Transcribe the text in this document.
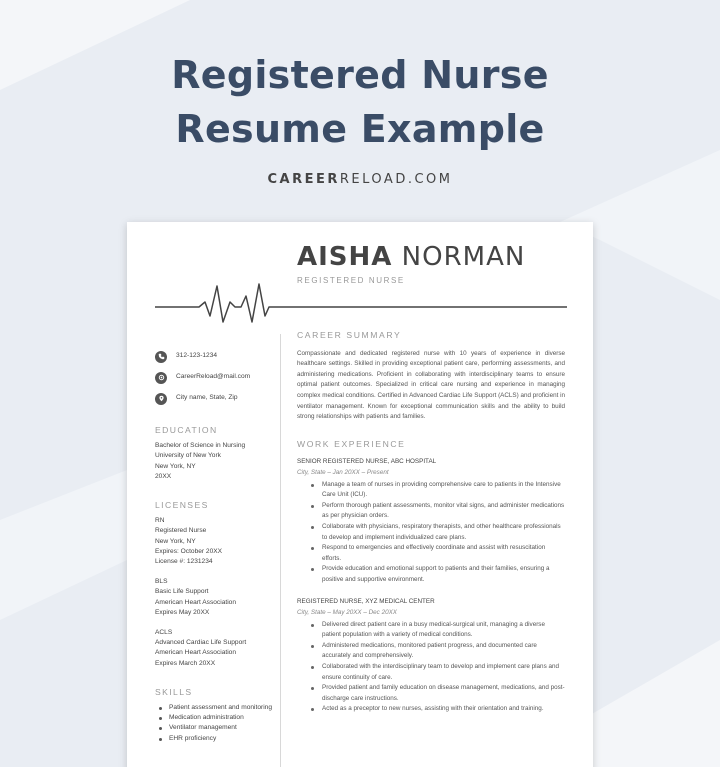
Registered Nurse
Resume Example
CAREERRELOAD.COM
AISHA NORMAN
REGISTERED NURSE
312-123-1234
CareerReload@mail.com
City name, State, Zip
EDUCATION
Bachelor of Science in Nursing
University of New York
New York, NY
20XX
LICENSES
RN
Registered Nurse
New York, NY
Expires: October 20XX
License #: 1231234
BLS
Basic Life Support
American Heart Association
Expires May 20XX
ACLS
Advanced Cardiac Life Support
American Heart Association
Expires March 20XX
SKILLS
Patient assessment and monitoring
Medication administration
Ventilator management
EHR proficiency
CAREER SUMMARY

Compassionate and dedicated registered nurse with 10 years of experience in diverse healthcare settings. Skilled in providing exceptional patient care, performing assessments, and administering medications. Proficient in collaborating with interdisciplinary teams to ensure optimal patient outcomes. Specialized in critical care nursing and experience in managing complex medical conditions. Certified in Advanced Cardiac Life Support (ACLS) and proficient in ventilator management. Known for exceptional communication skills and the ability to build strong relationships with patients and families.

WORK EXPERIENCE
SENIOR REGISTERED NURSE, ABC HOSPITAL
City, State – Jan 20XX – Present
Manage a team of nurses in providing comprehensive care to patients in the Intensive Care Unit (ICU).
Perform thorough patient assessments, monitor vital signs, and administer medications as per physician orders.
Collaborate with physicians, respiratory therapists, and other healthcare professionals to develop and implement individualized care plans.
Respond to emergencies and effectively coordinate and assist with resuscitation efforts.
Provide education and emotional support to patients and their families, ensuring a positive and supportive environment.
REGISTERED NURSE, XYZ MEDICAL CENTER
City, State – May 20XX – Dec 20XX
Delivered direct patient care in a busy medical-surgical unit, managing a diverse patient population with a variety of medical conditions.
Administered medications, monitored patient progress, and documented care accurately and comprehensively.
Collaborated with the interdisciplinary team to develop and implement care plans and ensure continuity of care.
Provided patient and family education on disease management, medications, and post-discharge care instructions.
Acted as a preceptor to new nurses, assisting with their orientation and training.
